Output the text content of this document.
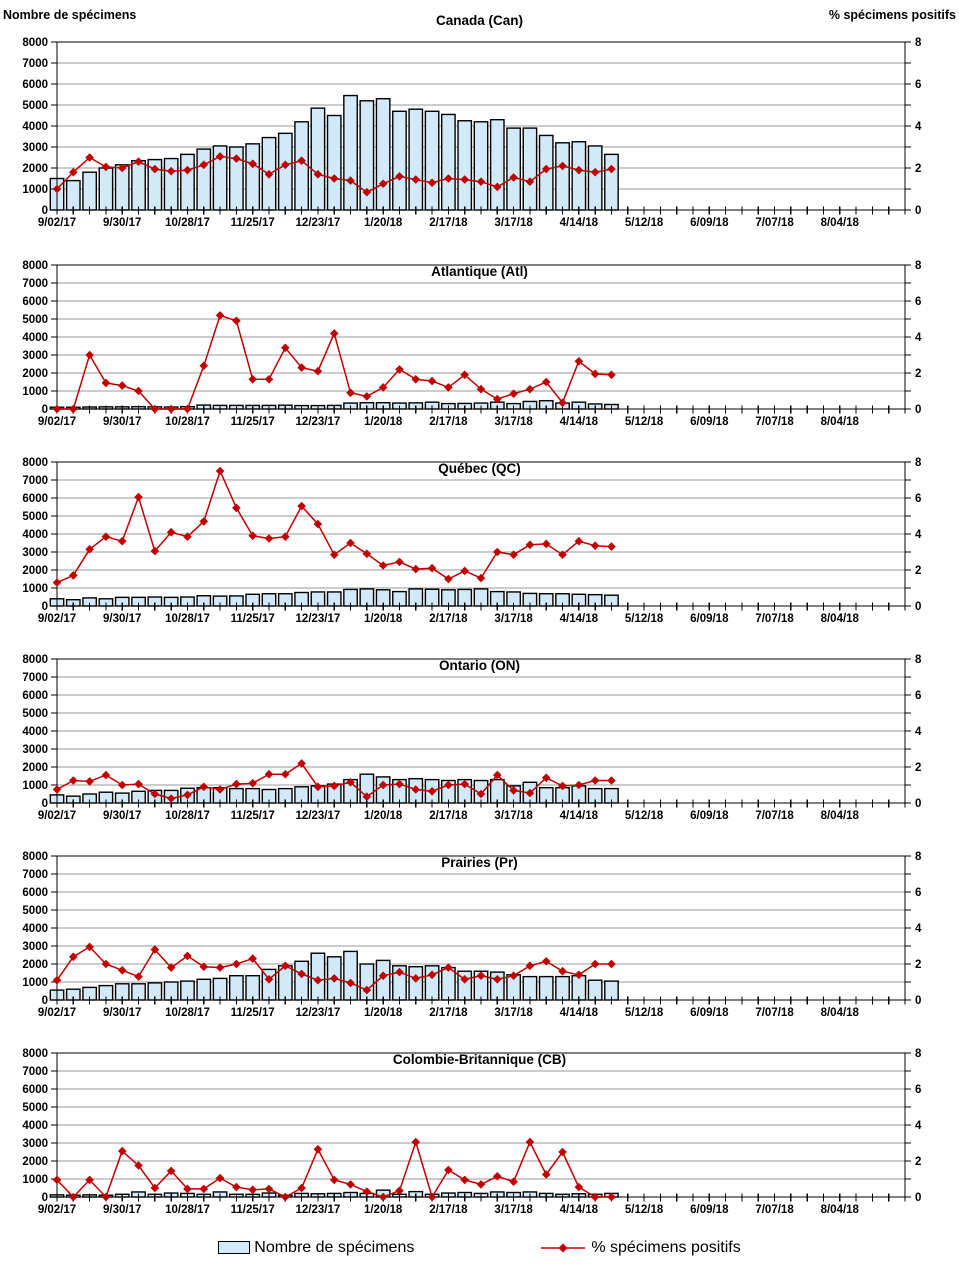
Nombre de spécimens	% spécimens positifs
Canada (Can)
0
1000
2000
3000
4000
5000
6000
7000
8000
0
2
4
6
8
9/02/17 9/30/17 10/28/17 11/25/17 12/23/17 1/20/18 2/17/18 3/17/18 4/14/18 5/12/18 6/09/18 7/07/18 8/04/18
Atlantique (Atl)
0
1000
2000
3000
4000
5000
6000
7000
8000
0
2
4
6
8
9/02/17 9/30/17 10/28/17 11/25/17 12/23/17 1/20/18 2/17/18 3/17/18 4/14/18 5/12/18 6/09/18 7/07/18 8/04/18
Québec (QC)
0
1000
2000
3000
4000
5000
6000
7000
8000
0
2
4
6
8
9/02/17 9/30/17 10/28/17 11/25/17 12/23/17 1/20/18 2/17/18 3/17/18 4/14/18 5/12/18 6/09/18 7/07/18 8/04/18
Ontario (ON)
0
1000
2000
3000
4000
5000
6000
7000
8000
0
2
4
6
8
9/02/17 9/30/17 10/28/17 11/25/17 12/23/17 1/20/18 2/17/18 3/17/18 4/14/18 5/12/18 6/09/18 7/07/18 8/04/18
Prairies (Pr)
0
1000
2000
3000
4000
5000
6000
7000
8000
0
2
4
6
8
9/02/17 9/30/17 10/28/17 11/25/17 12/23/17 1/20/18 2/17/18 3/17/18 4/14/18 5/12/18 6/09/18 7/07/18 8/04/18
Colombie-Britannique (CB)
0
1000
2000
3000
4000
5000
6000
7000
8000
0
2
4
6
8
9/02/17 9/30/17 10/28/17 11/25/17 12/23/17 1/20/18 2/17/18 3/17/18 4/14/18 5/12/18 6/09/18 7/07/18 8/04/18
Nombre de spécimens	% spécimens positifs
